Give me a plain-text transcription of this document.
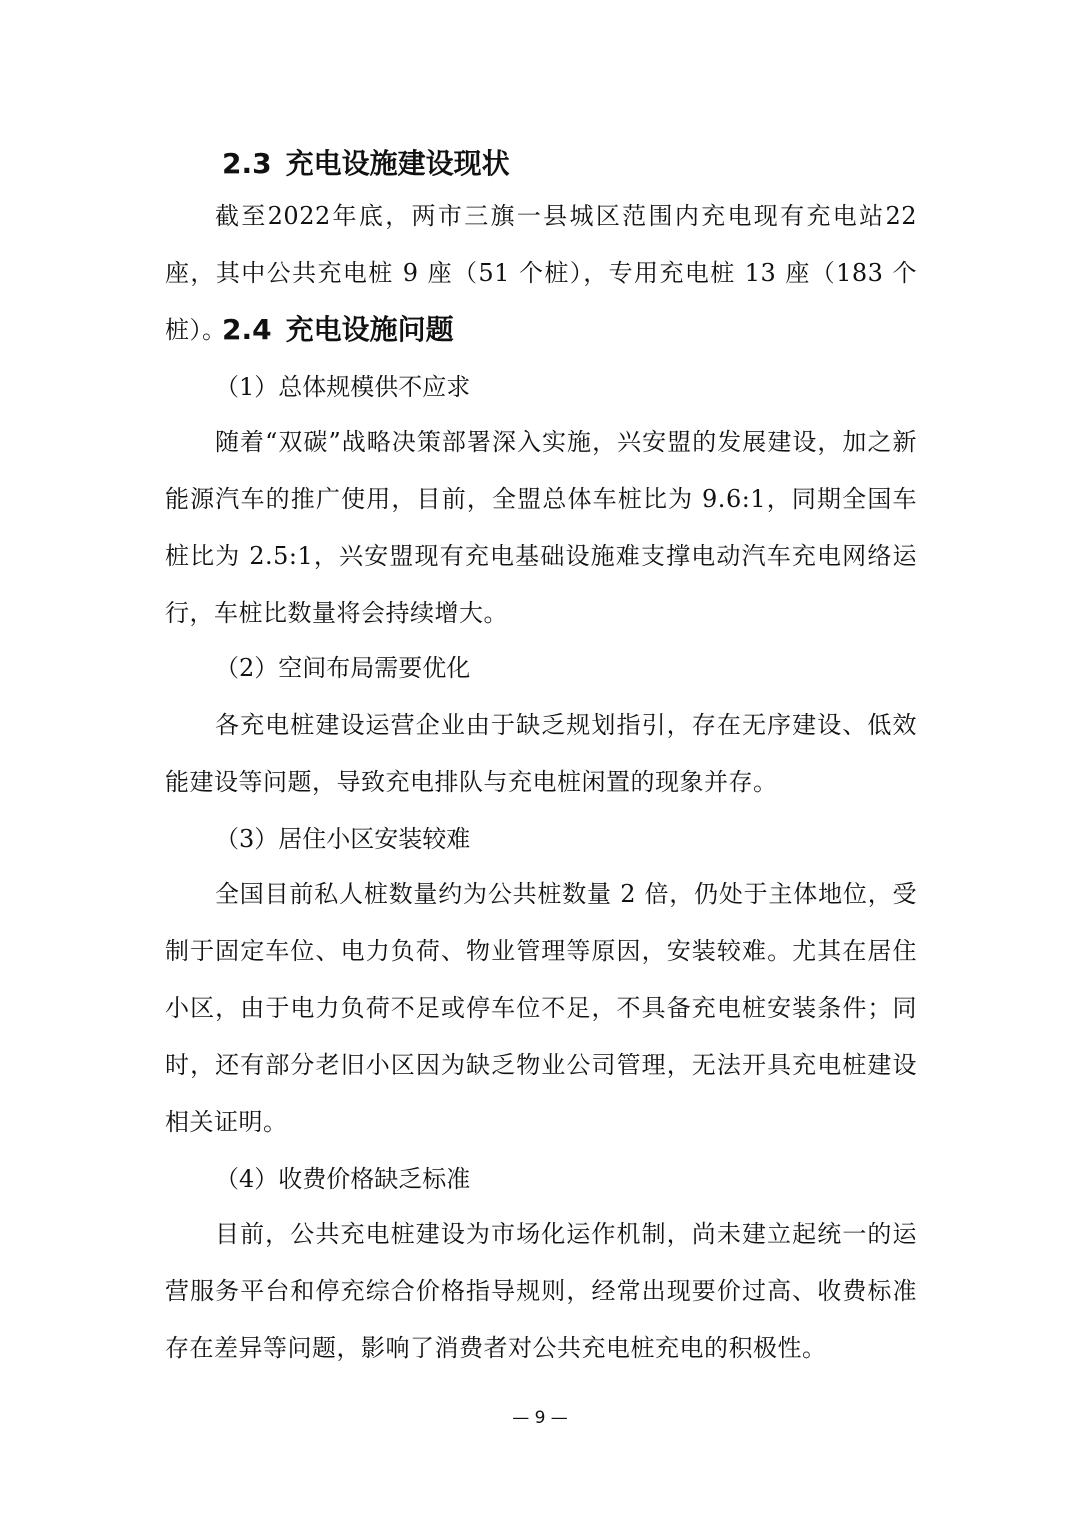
2.3 充电设施建设现状
截至2022年底，两市三旗一县城区范围内充电现有充电站22座，其中公共充电桩 9 座（51 个桩），专用充电桩 13 座（183 个桩）。
2.4 充电设施问题
（1）总体规模供不应求
随着“双碳”战略决策部署深入实施，兴安盟的发展建设，加之新能源汽车的推广使用，目前，全盟总体车桩比为 9.6:1，同期全国车桩比为 2.5:1，兴安盟现有充电基础设施难支撑电动汽车充电网络运行，车桩比数量将会持续增大。
（2）空间布局需要优化
各充电桩建设运营企业由于缺乏规划指引，存在无序建设、低效能建设等问题，导致充电排队与充电桩闲置的现象并存。
（3）居住小区安装较难
全国目前私人桩数量约为公共桩数量 2 倍，仍处于主体地位，受制于固定车位、电力负荷、物业管理等原因，安装较难。尤其在居住小区，由于电力负荷不足或停车位不足，不具备充电桩安装条件；同时，还有部分老旧小区因为缺乏物业公司管理，无法开具充电桩建设相关证明。
（4）收费价格缺乏标准
目前，公共充电桩建设为市场化运作机制，尚未建立起统一的运营服务平台和停充综合价格指导规则，经常出现要价过高、收费标准存在差异等问题，影响了消费者对公共充电桩充电的积极性。
— 9 —
